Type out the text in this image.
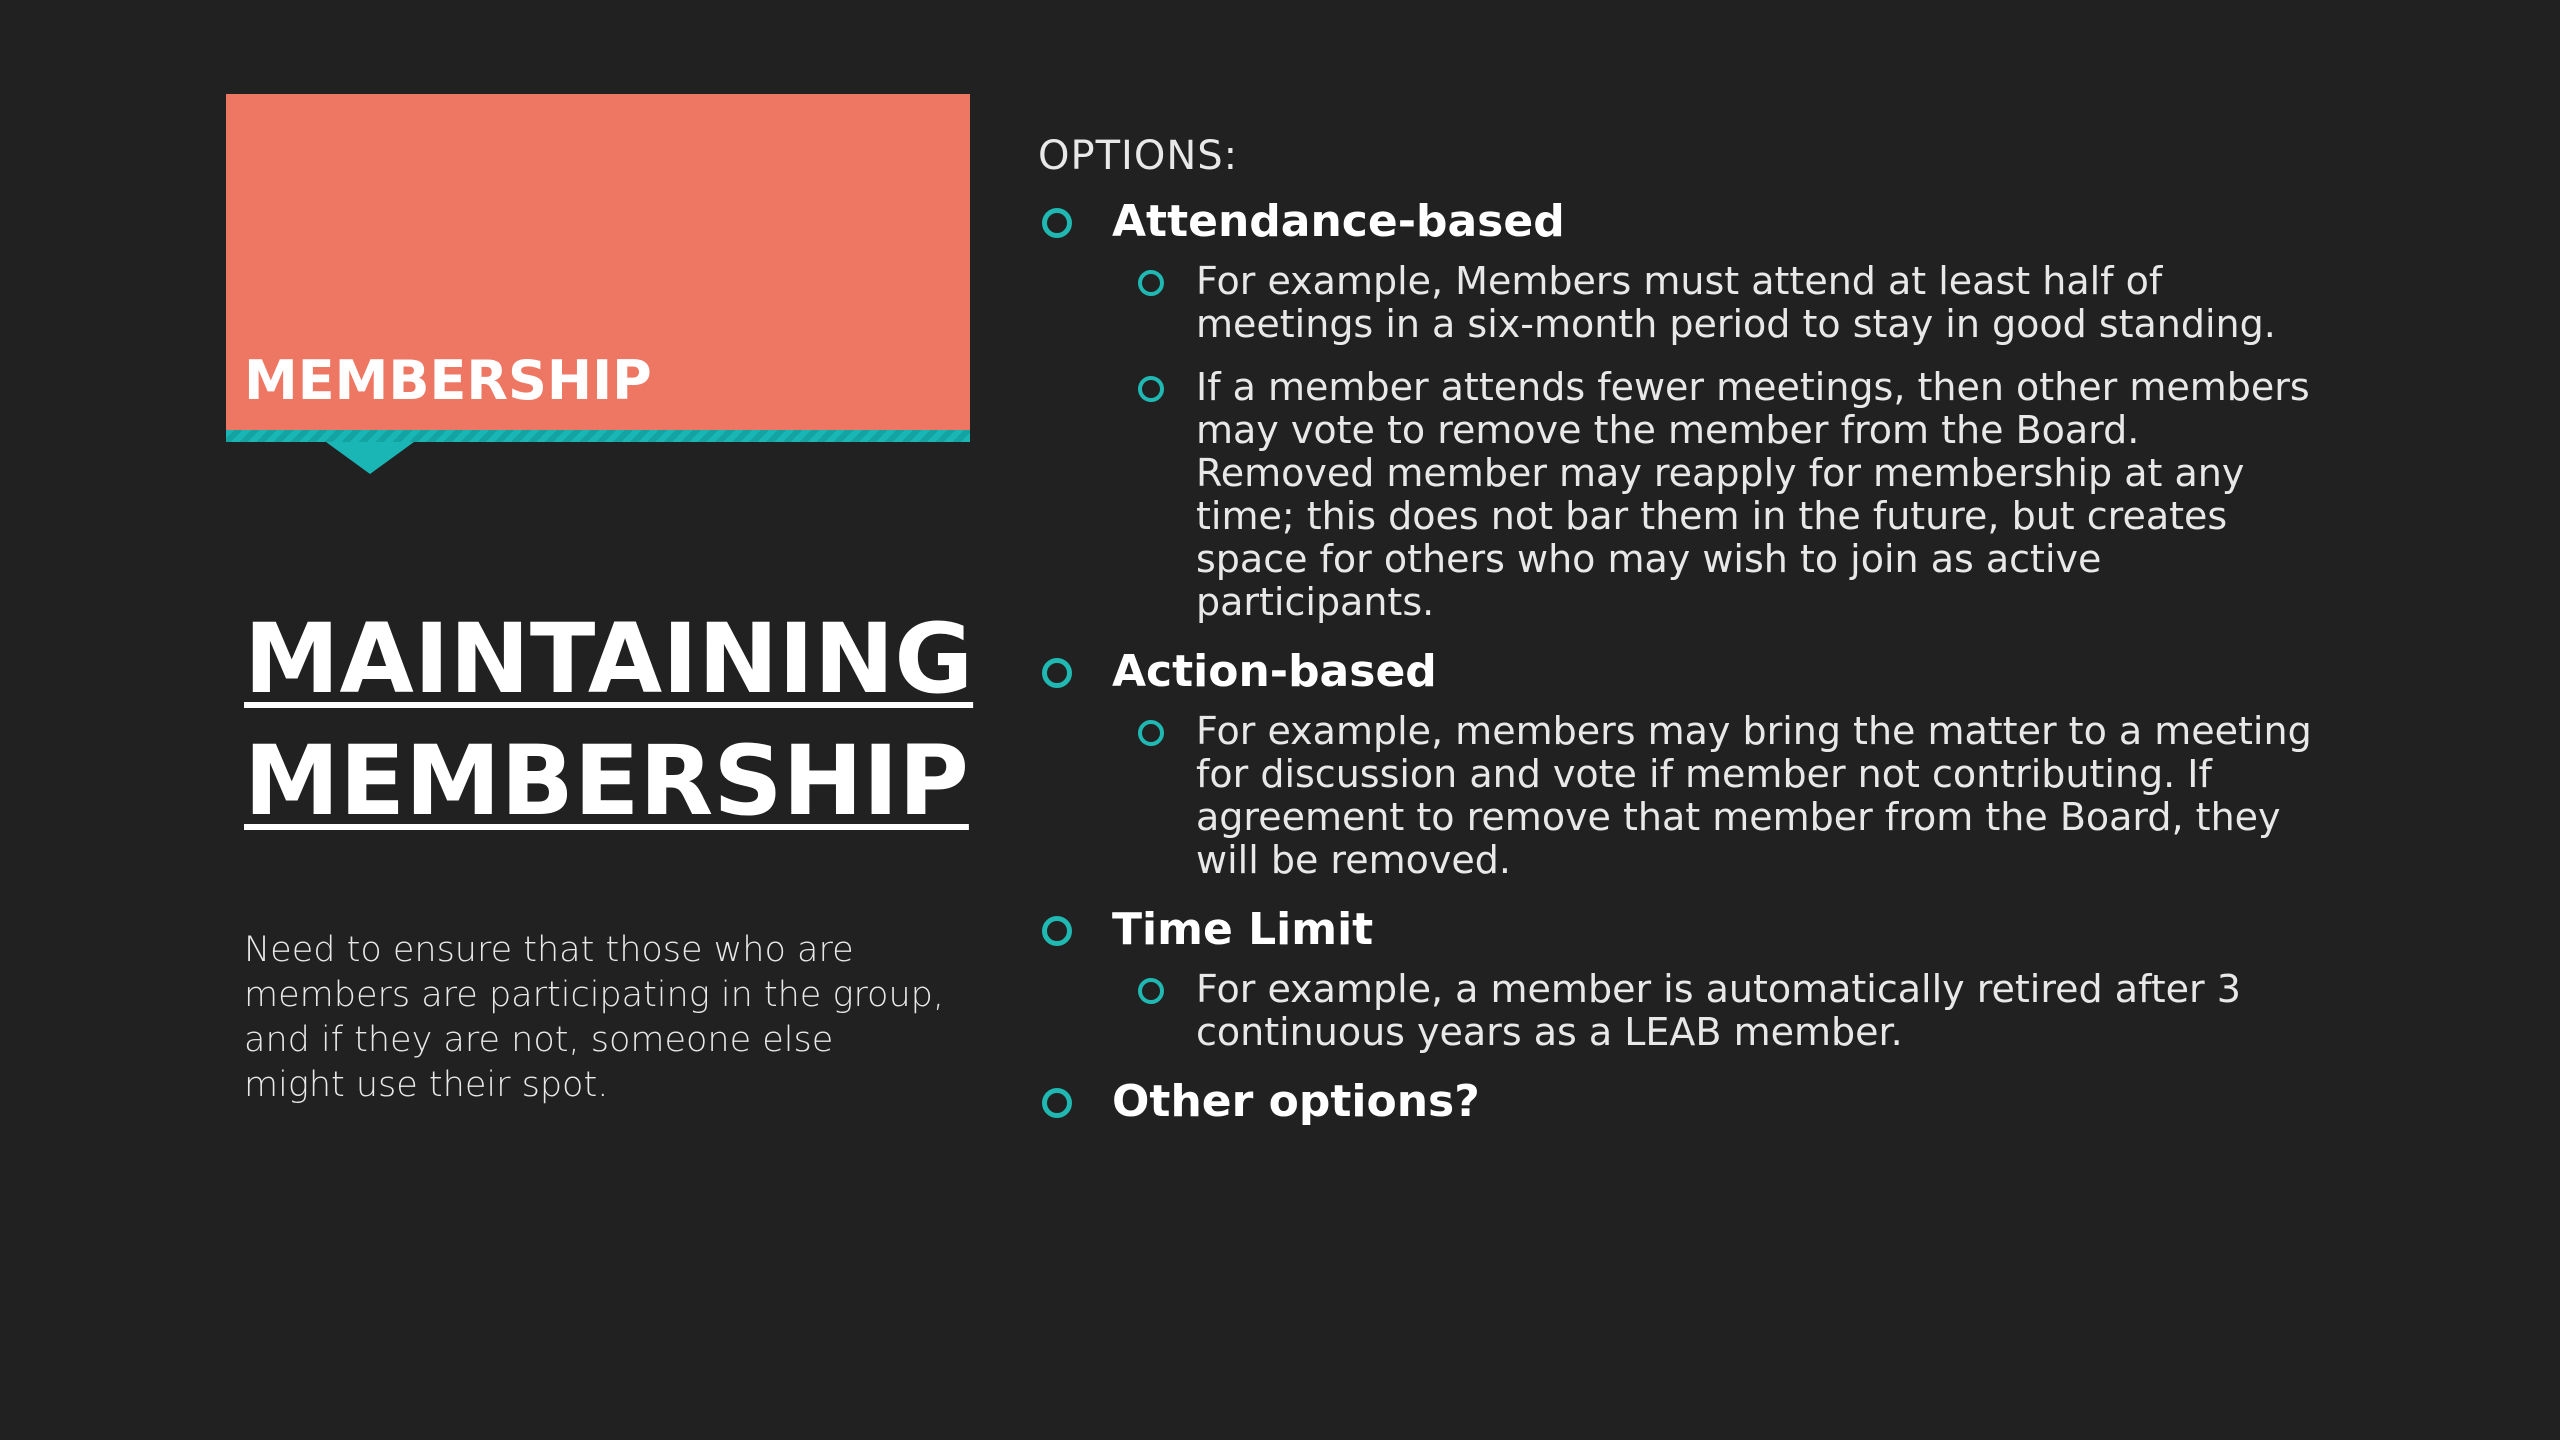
MEMBERSHIP

MAINTAINING
MEMBERSHIP

Need to ensure that those who are members are participating in the group, and if they are not, someone else might use their spot.

OPTIONS:

Attendance-based

For example, Members must attend at least half of meetings in a six-month period to stay in good standing.

If a member attends fewer meetings, then other members may vote to remove the member from the Board. Removed member may reapply for membership at any time; this does not bar them in the future, but creates space for others who may wish to join as active participants.

Action-based

For example, members may bring the matter to a meeting for discussion and vote if member not contributing. If agreement to remove that member from the Board, they will be removed.

Time Limit

For example, a member is automatically retired after 3 continuous years as a LEAB member.

Other options?
